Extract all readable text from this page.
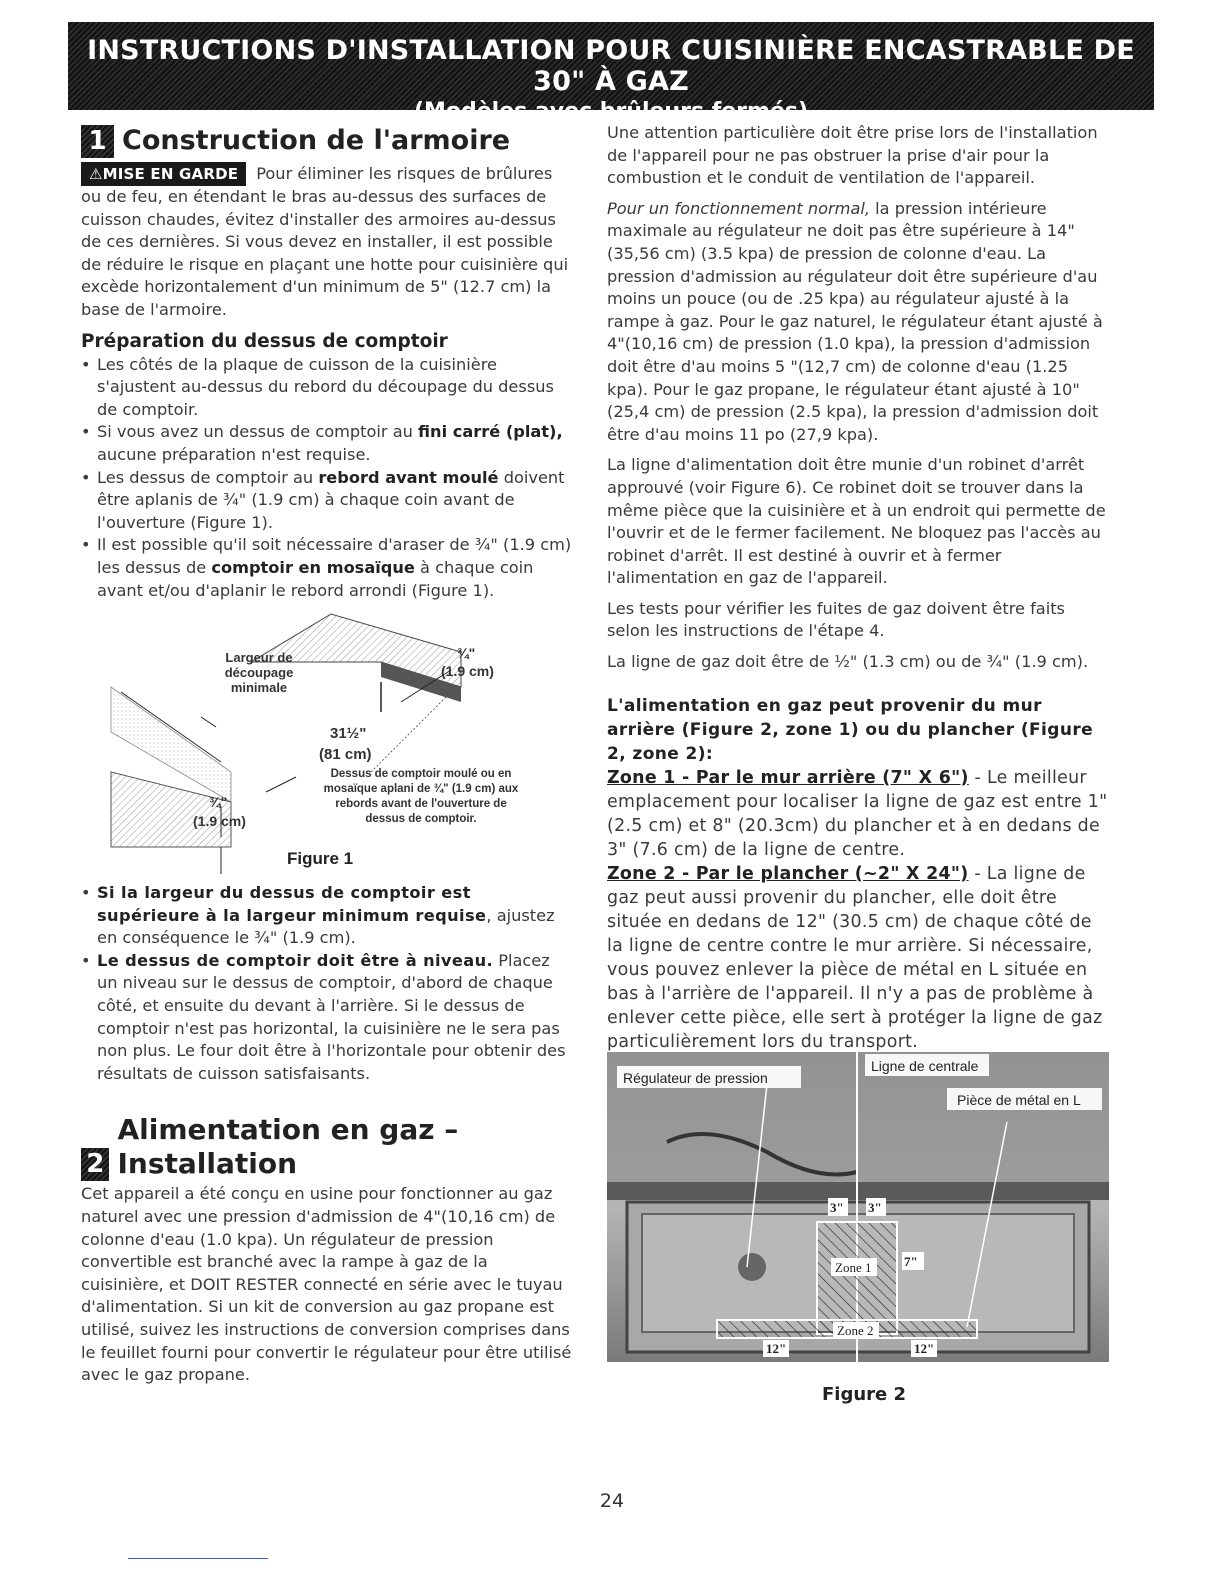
INSTRUCTIONS D'INSTALLATION POUR CUISINIÈRE ENCASTRABLE DE 30" À GAZ
(Modèles avec brûleurs fermés)
1 Construction de l'armoire

⚠MISE EN GARDE Pour éliminer les risques de brûlures ou de feu, en étendant le bras au-dessus des surfaces de cuisson chaudes, évitez d'installer des armoires au-dessus de ces dernières. Si vous devez en installer, il est possible de réduire le risque en plaçant une hotte pour cuisinière qui excède horizontalement d'un minimum de 5" (12.7 cm) la base de l'armoire.

Préparation du dessus de comptoir
• Les côtés de la plaque de cuisson de la cuisinière s'ajustent au-dessus du rebord du découpage du dessus de comptoir.
• Si vous avez un dessus de comptoir au fini carré (plat), aucune préparation n'est requise.
• Les dessus de comptoir au rebord avant moulé doivent être aplanis de ¾" (1.9 cm) à chaque coin avant de l'ouverture (Figure 1).
• Il est possible qu'il soit nécessaire d'araser de ¾" (1.9 cm) les dessus de comptoir en mosaïque à chaque coin avant et/ou d'aplanir le rebord arrondi (Figure 1).
Largeur de
découpage
minimale
¾"
(1.9 cm)
31½"
(81 cm)
Dessus de comptoir moulé ou en
mosaïque aplani de ¾" (1.9 cm) aux
rebords avant de l'ouverture de
dessus de comptoir.
¾"
(1.9 cm)
Figure 1
• Si la largeur du dessus de comptoir est supérieure à la largeur minimum requise, ajustez en conséquence le ¾" (1.9 cm).
• Le dessus de comptoir doit être à niveau. Placez un niveau sur le dessus de comptoir, d'abord de chaque côté, et ensuite du devant à l'arrière. Si le dessus de comptoir n'est pas horizontal, la cuisinière ne le sera pas non plus. Le four doit être à l'horizontale pour obtenir des résultats de cuisson satisfaisants.
2
Alimentation en gaz – Installation

Cet appareil a été conçu en usine pour fonctionner au gaz naturel avec une pression d'admission de 4"(10,16 cm) de colonne d'eau (1.0 kpa). Un régulateur de pression convertible est branché avec la rampe à gaz de la cuisinière, et DOIT RESTER connecté en série avec le tuyau d'alimentation. Si un kit de conversion au gaz propane est utilisé, suivez les instructions de conversion comprises dans le feuillet fourni pour convertir le régulateur pour être utilisé avec le gaz propane.

Une attention particulière doit être prise lors de l'installation de l'appareil pour ne pas obstruer la prise d'air pour la combustion et le conduit de ventilation de l'appareil.

Pour un fonctionnement normal, la pression intérieure maximale au régulateur ne doit pas être supérieure à 14"(35,56 cm) (3.5 kpa) de pression de colonne d'eau. La pression d'admission au régulateur doit être supérieure d'au moins un pouce (ou de .25 kpa) au régulateur ajusté à la rampe à gaz. Pour le gaz naturel, le régulateur étant ajusté à 4"(10,16 cm) de pression (1.0 kpa), la pression d'admission doit être d'au moins 5 "(12,7 cm) de colonne d'eau (1.25 kpa). Pour le gaz propane, le régulateur étant ajusté à 10"(25,4 cm) de pression (2.5 kpa), la pression d'admission doit être d'au moins 11 po (27,9 kpa).

La ligne d'alimentation doit être munie d'un robinet d'arrêt approuvé (voir Figure 6). Ce robinet doit se trouver dans la même pièce que la cuisinière et à un endroit qui permette de l'ouvrir et de le fermer facilement. Ne bloquez pas l'accès au robinet d'arrêt. Il est destiné à ouvrir et à fermer l'alimentation en gaz de l'appareil.

Les tests pour vérifier les fuites de gaz doivent être faits selon les instructions de l'étape 4.

La ligne de gaz doit être de ½" (1.3 cm) ou de ¾" (1.9 cm).

L'alimentation en gaz peut provenir du mur arrière (Figure 2, zone 1) ou du plancher (Figure 2, zone 2):

Zone 1 - Par le mur arrière (7" X 6") - Le meilleur emplacement pour localiser la ligne de gaz est entre 1" (2.5 cm) et 8" (20.3cm) du plancher et à en dedans de 3" (7.6 cm) de la ligne de centre.

Zone 2 - Par le plancher (~2" X 24") - La ligne de gaz peut aussi provenir du plancher, elle doit être située en dedans de 12" (30.5 cm) de chaque côté de la ligne de centre contre le mur arrière. Si nécessaire, vous pouvez enlever la pièce de métal en L située en bas à l'arrière de l'appareil. Il n'y a pas de problème à enlever cette pièce, elle sert à protéger la ligne de gaz particulièrement lors du transport.

Régulateur de pression
Ligne de centrale
Pièce de métal en L
3" 3"
Zone 1	7"
Zone 2
12"	12"
Figure 2
24
